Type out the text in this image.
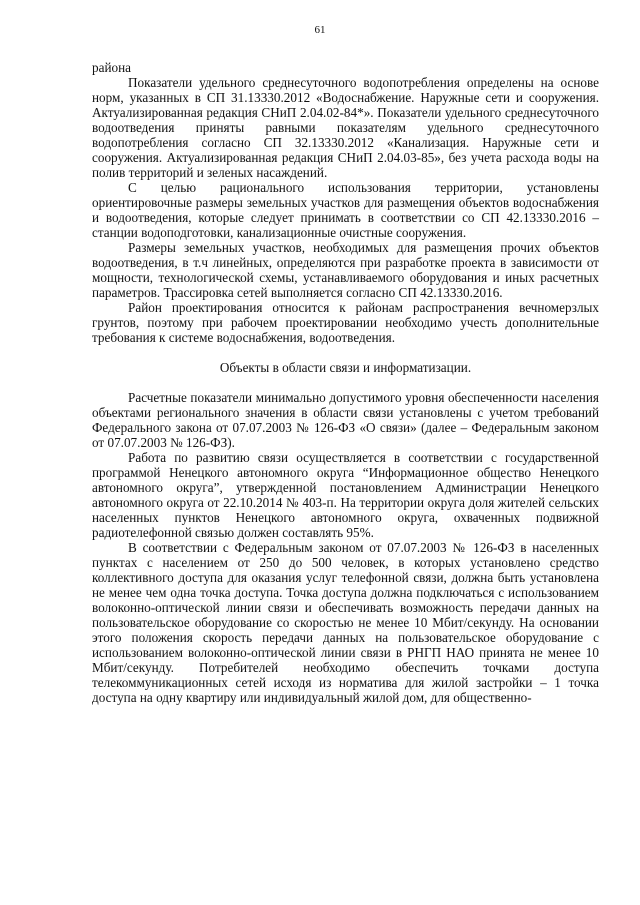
61

района

Показатели удельного среднесуточного водопотребления определены на основе норм, указанных в СП 31.13330.2012 «Водоснабжение. Наружные сети и сооружения. Актуализированная редакция СНиП 2.04.02-84*». Показатели удельного среднесуточного водоотведения приняты равными показателям удельного среднесуточного водопотребления согласно СП 32.13330.2012 «Канализация. Наружные сети и сооружения. Актуализированная редакция СНиП 2.04.03-85», без учета расхода воды на полив территорий и зеленых насаждений.

С целью рационального использования территории, установлены ориентировочные размеры земельных участков для размещения объектов водоснабжения и водоотведения, которые следует принимать в соответствии со СП 42.13330.2016 – станции водоподготовки, канализационные очистные сооружения.

Размеры земельных участков, необходимых для размещения прочих объектов водоотведения, в т.ч линейных, определяются при разработке проекта в зависимости от мощности, технологической схемы, устанавливаемого оборудования и иных расчетных параметров. Трассировка сетей выполняется согласно СП 42.13330.2016.

Район проектирования относится к районам распространения вечномерзлых грунтов, поэтому при рабочем проектировании необходимо учесть дополнительные требования к системе водоснабжения, водоотведения.

Объекты в области связи и информатизации.

Расчетные показатели минимально допустимого уровня обеспеченности населения объектами регионального значения в области связи установлены с учетом требований Федерального закона от 07.07.2003 № 126-ФЗ «О связи» (далее – Федеральным законом от 07.07.2003 № 126-ФЗ).

Работа по развитию связи осуществляется в соответствии с государственной программой Ненецкого автономного округа “Информационное общество Ненецкого автономного округа”, утвержденной постановлением Администрации Ненецкого автономного округа от 22.10.2014 № 403-п. На территории округа доля жителей сельских населенных пунктов Ненецкого автономного округа, охваченных подвижной радиотелефонной связью должен составлять 95%.

В соответствии с Федеральным законом от 07.07.2003 № 126-ФЗ в населенных пунктах с населением от 250 до 500 человек, в которых установлено средство коллективного доступа для оказания услуг телефонной связи, должна быть установлена не менее чем одна точка доступа. Точка доступа должна подключаться с использованием волоконно-оптической линии связи и обеспечивать возможность передачи данных на пользовательское оборудование со скоростью не менее 10 Мбит/секунду. На основании этого положения скорость передачи данных на пользовательское оборудование с использованием волоконно-оптической линии связи в РНГП НАО принята не менее 10 Мбит/секунду. Потребителей необходимо обеспечить точками доступа телекоммуникационных сетей исходя из норматива для жилой застройки – 1 точка доступа на одну квартиру или индивидуальный жилой дом, для общественно-
